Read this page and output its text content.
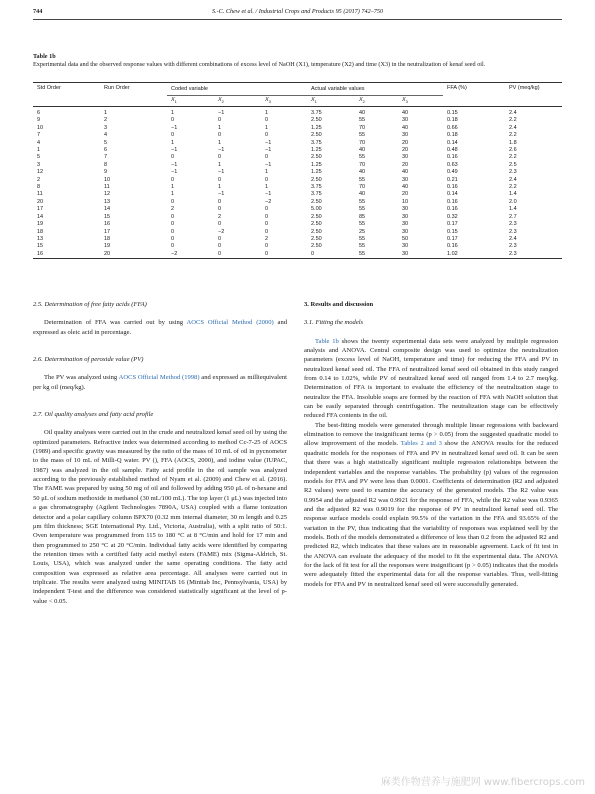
744	S.-C. Chew et al. / Industrial Crops and Products 95 (2017) 742–750
Table 1b
Experimental data and the observed response values with different combinations of excess level of NaOH (X1), temperature (X2) and time (X3) in the neutralization of kenaf seed oil.
Std Order	Run Order	Coded variable			Actual variable values			FFA (%)	PV (meq/kg)
		$X_1$	$X_2$	$X_3$	$X_1$	$X_2$	$X_3$

6	1	1	−1	1	3.75	40	40	0.15	2.4
9	2	0	0	0	2.50	55	30	0.18	2.2
10	3	−1	1	1	1.25	70	40	0.66	2.4
7	4	0	0	0	2.50	55	30	0.18	2.2
4	5	1	1	−1	3.75	70	20	0.14	1.8
1	6	−1	−1	−1	1.25	40	20	0.48	2.6
5	7	0	0	0	2.50	55	30	0.16	2.2
3	8	−1	1	−1	1.25	70	20	0.63	2.5
12	9	−1	−1	1	1.25	40	40	0.49	2.3
2	10	0	0	0	2.50	55	30	0.21	2.4
8	11	1	1	1	3.75	70	40	0.16	2.2
11	12	1	−1	−1	3.75	40	20	0.14	1.4
20	13	0	0	−2	2.50	55	10	0.16	2.0
17	14	2	0	0	5.00	55	30	0.16	1.4
14	15	0	2	0	2.50	85	30	0.32	2.7
19	16	0	0	0	2.50	55	30	0.17	2.3
18	17	0	−2	0	2.50	25	30	0.15	2.3
13	18	0	0	2	2.50	55	50	0.17	2.4
15	19	0	0	0	2.50	55	30	0.16	2.3
16	20	−2	0	0	0	55	30	1.02	2.3
2.5. Determination of free fatty acids (FFA)

Determination of FFA was carried out by using AOCS Official Method (2000) and expressed as oleic acid in percentage.

2.6. Determination of peroxide value (PV)

The PV was analyzed using AOCS Official Method (1998) and expressed as milliequivalent per kg oil (meq/kg).

2.7. Oil quality analyses and fatty acid profile

Oil quality analyses were carried out in the crude and neutralized kenaf seed oil by using the optimized parameters. Refractive index was determined according to method Cc-7-25 of AOCS (1989) and specific gravity was measured by the ratio of the mass of 10 mL of oil in pycnometer to the mass of 10 mL of Milli-Q water. PV (), FFA (AOCS, 2000), and iodine value (IUPAC, 1987) was analyzed in the oil sample. Fatty acid profile in the oil sample was analyzed according to the previously established method of Nyam et al. (2009) and Chew et al. (2016). The FAME was prepared by using 50 mg of oil and followed by adding 950 μL of n-hexane and 50 μL of sodium methoxide in methanol (30 mL/100 mL). The top layer (1 μL) was injected into a gas chromatography (Agilent Technologies 7890A, USA) coupled with a flame ionization detector and a polar capillary column BPX70 (0.32 mm internal diameter, 30 m length and 0.25 μm film thickness; SGE International Pty. Ltd., Victoria, Australia), with a split ratio of 50:1. Oven temperature was programmed from 115 to 180 °C at 8 °C/min and hold for 17 min and then programmed to 250 °C at 20 °C/min. Individual fatty acids were identified by comparing the retention times with a certified fatty acid methyl esters (FAME) mix (Sigma-Aldrich, St. Louis, USA), which was analyzed under the same operating conditions. The fatty acid composition was expressed as relative area percentage. All analyses were carried out in triplicate. The results were analyzed using MINITAB 16 (Minitab Inc, Pennsylvania, USA) by independent T-test and the difference was considered statistically significant at the level of p-value < 0.05.

3. Results and discussion
3.1. Fitting the models

Table 1b shows the twenty experimental data sets were analyzed by multiple regression analysis and ANOVA. Central composite design was used to optimize the neutralization parameters (excess level of NaOH, temperature and time) for reducing the FFA and PV in neutralized kenaf seed oil. The FFA of neutralized kenaf seed oil obtained in this study ranged from 0.14 to 1.02%, while PV of neutralized kenaf seed oil ranged from 1.4 to 2.7 meq/kg. Determination of FFA is important to evaluate the efficiency of the neutralization stage to neutralize the FFA. Insoluble soaps are formed by the reaction of FFA with NaOH solution that can be easily separated through centrifugation. The neutralization stage can be effectively reduced FFA contents in the oil.

The best-fitting models were generated through multiple linear regressions with backward elimination to remove the insignificant terms (p > 0.05) from the suggested quadratic model to allow improvement of the models. Tables 2 and 3 show the ANOVA results for the reduced quadratic models for the responses of FFA and PV in neutralized kenaf seed oil. It can be seen that there was a high statistically significant multiple regression relationships between the independent variables and the response variables. The probability (p) values of the regression models for FFA and PV were less than 0.0001. Coefficients of determination (R2 and adjusted R2 values) were used to examine the accuracy of the generated models. The R2 value was 0.9954 and the adjusted R2 was 0.9921 for the response of FFA, while the R2 value was 0.9365 and the adjusted R2 was 0.9019 for the response of PV in neutralized kenaf seed oil. The response surface models could explain 99.5% of the variation in the FFA and 93.65% of the variation in the PV, thus indicating that the variability of responses was explained well by the models. Both of the models demonstrated a difference of less than 0.2 from the adjusted R2 and predicted R2, which indicates that these values are in reasonable agreement. Lack of fit test in the ANOVA can evaluate the adequacy of the model to fit the experimental data. The ANOVA for the lack of fit test for all the responses were insignificant (p > 0.05) indicates that the models were adequately fitted the experimental data for all the response variables. Thus, well-fitting models for FFA and PV in neutralized kenaf seed oil were successfully generated.

麻类作物营养与施肥网 www.fibercrops.com
